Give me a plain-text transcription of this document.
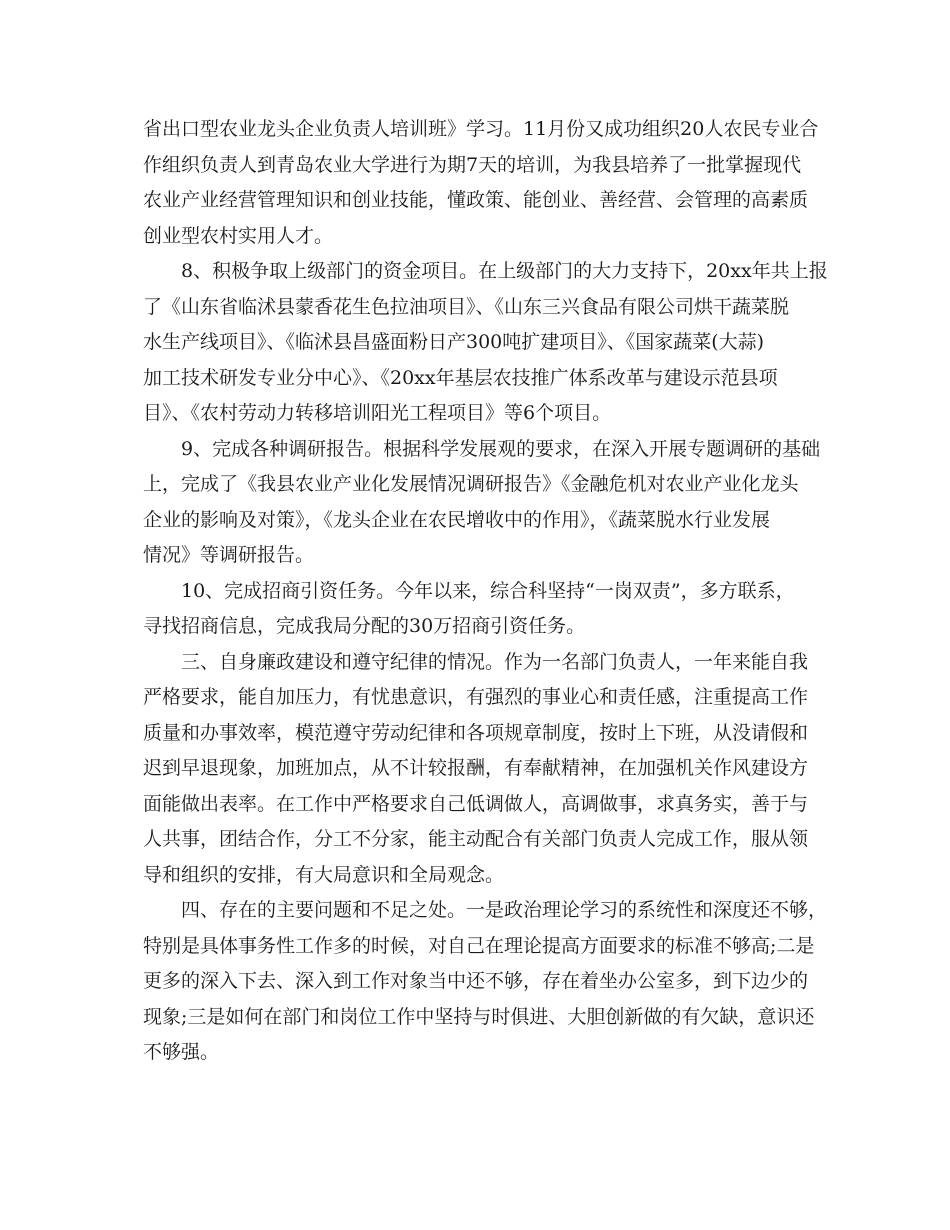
省出口型农业龙头企业负责人培训班》学习。11月份又成功组织20人农民专业合
作组织负责人到青岛农业大学进行为期7天的培训，为我县培养了一批掌握现代
农业产业经营管理知识和创业技能，懂政策、能创业、善经营、会管理的高素质
创业型农村实用人才。
　　8、积极争取上级部门的资金项目。在上级部门的大力支持下，20xx年共上报
了《山东省临沭县蒙香花生色拉油项目》、《山东三兴食品有限公司烘干蔬菜脱
水生产线项目》、《临沭县昌盛面粉日产300吨扩建项目》、《国家蔬菜(大蒜)
加工技术研发专业分中心》、《20xx年基层农技推广体系改革与建设示范县项
目》、《农村劳动力转移培训阳光工程项目》等6个项目。
　　9、完成各种调研报告。根据科学发展观的要求，在深入开展专题调研的基础
上，完成了《我县农业产业化发展情况调研报告》《金融危机对农业产业化龙头
企业的影响及对策》，《龙头企业在农民增收中的作用》，《蔬菜脱水行业发展
情况》等调研报告。
　　10、完成招商引资任务。今年以来，综合科坚持“一岗双责”，多方联系，
寻找招商信息，完成我局分配的30万招商引资任务。
　　三、自身廉政建设和遵守纪律的情况。作为一名部门负责人，一年来能自我
严格要求，能自加压力，有忧患意识，有强烈的事业心和责任感，注重提高工作
质量和办事效率，模范遵守劳动纪律和各项规章制度，按时上下班，从没请假和
迟到早退现象，加班加点，从不计较报酬，有奉献精神，在加强机关作风建设方
面能做出表率。在工作中严格要求自己低调做人，高调做事，求真务实，善于与
人共事，团结合作，分工不分家，能主动配合有关部门负责人完成工作，服从领
导和组织的安排，有大局意识和全局观念。
　　四、存在的主要问题和不足之处。一是政治理论学习的系统性和深度还不够，
特别是具体事务性工作多的时候，对自己在理论提高方面要求的标准不够高;二是
更多的深入下去、深入到工作对象当中还不够，存在着坐办公室多，到下边少的
现象;三是如何在部门和岗位工作中坚持与时俱进、大胆创新做的有欠缺，意识还
不够强。
